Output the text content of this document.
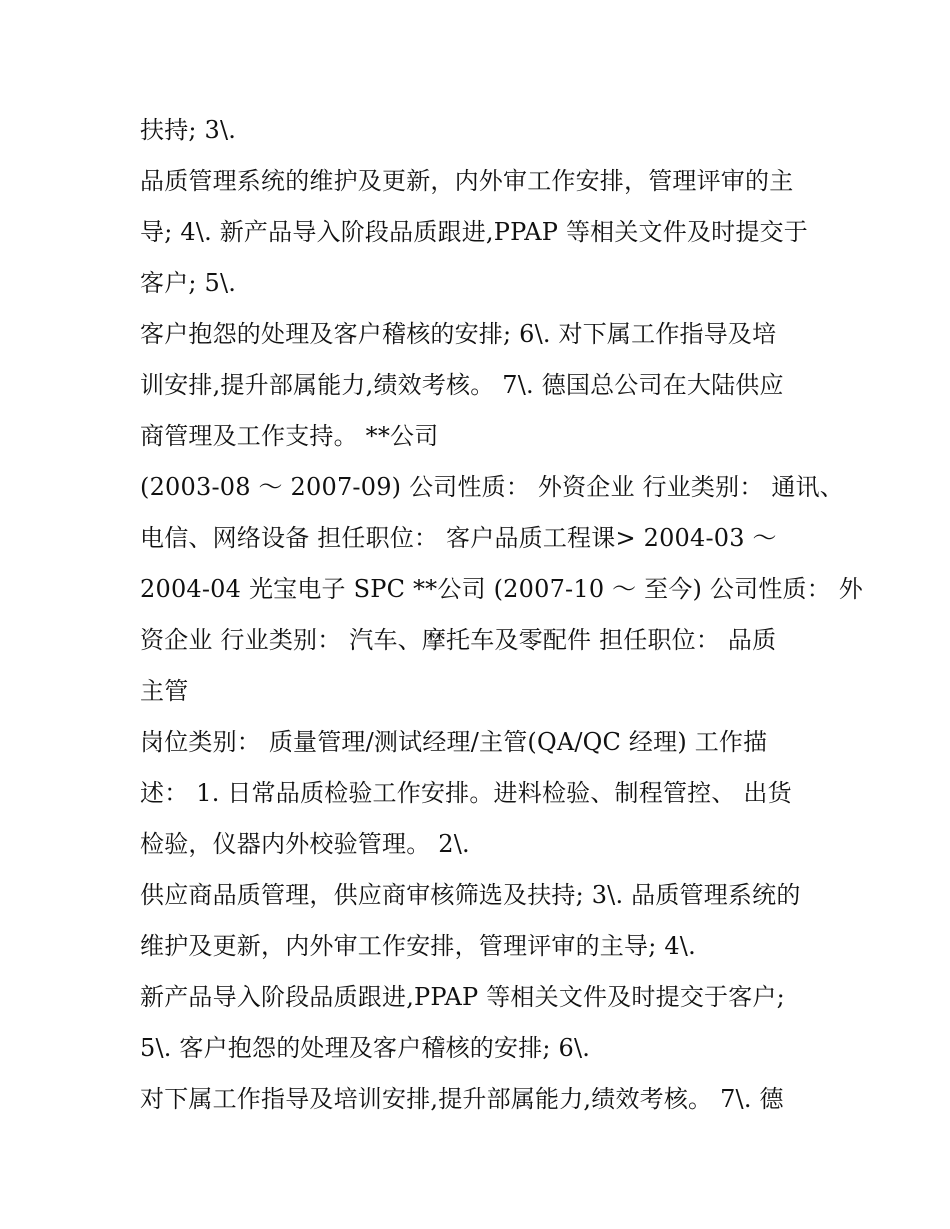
扶持; 3\.
品质管理系统的维护及更新，内外审工作安排，管理评审的主
导; 4\. 新产品导入阶段品质跟进,PPAP 等相关文件及时提交于
客户; 5\.
客户抱怨的处理及客户稽核的安排; 6\. 对下属工作指导及培
训安排,提升部属能力,绩效考核。 7\. 德国总公司在大陆供应
商管理及工作支持。 **公司
(2003-08 ～ 2007-09) 公司性质： 外资企业 行业类别： 通讯、
电信、网络设备 担任职位： 客户品质工程课> 2004-03 ～
2004-04 光宝电子 SPC **公司 (2007-10 ～ 至今) 公司性质： 外
资企业 行业类别： 汽车、摩托车及零配件 担任职位： 品质
主管
岗位类别： 质量管理/测试经理/主管(QA/QC 经理) 工作描
述： 1. 日常品质检验工作安排。进料检验、制程管控、 出货
检验，仪器内外校验管理。 2\.
供应商品质管理，供应商审核筛选及扶持; 3\. 品质管理系统的
维护及更新，内外审工作安排，管理评审的主导; 4\.
新产品导入阶段品质跟进,PPAP 等相关文件及时提交于客户;
5\. 客户抱怨的处理及客户稽核的安排; 6\.
对下属工作指导及培训安排,提升部属能力,绩效考核。 7\. 德
